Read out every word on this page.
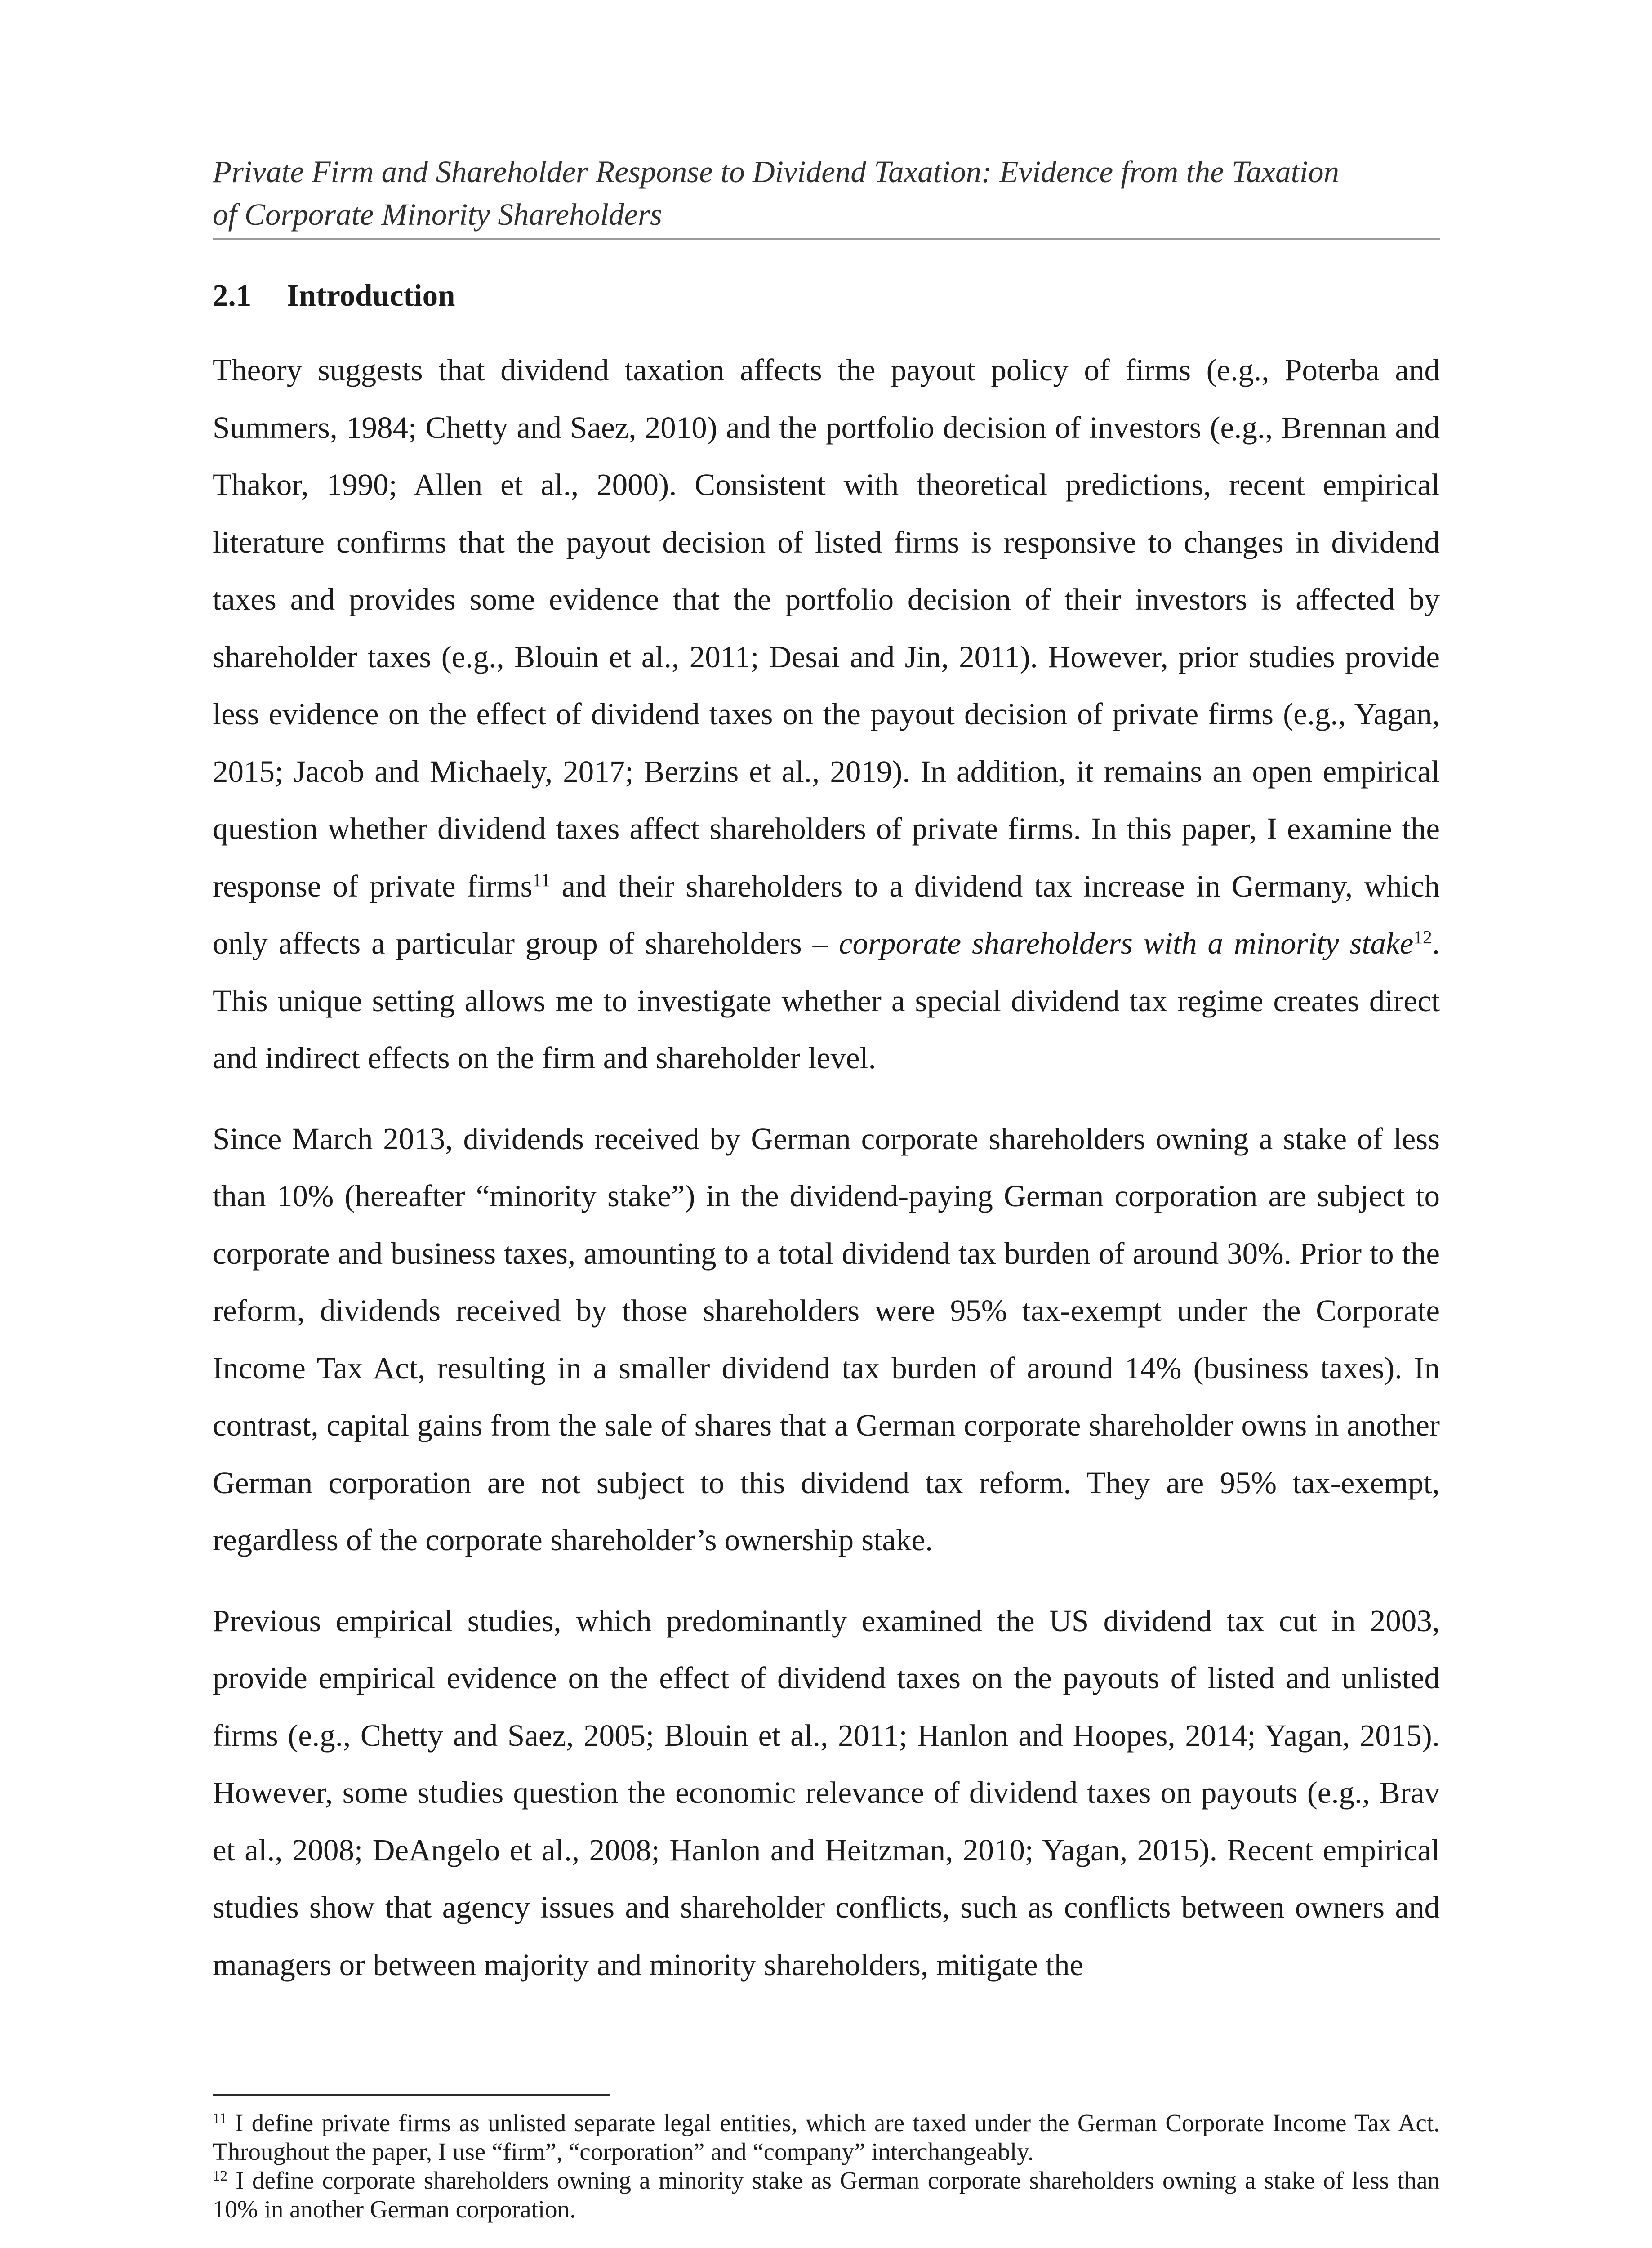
Private Firm and Shareholder Response to Dividend Taxation: Evidence from the Taxation
of Corporate Minority Shareholders
2.1 Introduction

Theory suggests that dividend taxation affects the payout policy of firms (e.g., Poterba and Summers, 1984; Chetty and Saez, 2010) and the portfolio decision of investors (e.g., Brennan and Thakor, 1990; Allen et al., 2000). Consistent with theoretical predictions, recent empirical literature confirms that the payout decision of listed firms is responsive to changes in dividend taxes and provides some evidence that the portfolio decision of their investors is affected by shareholder taxes (e.g., Blouin et al., 2011; Desai and Jin, 2011). However, prior studies provide less evidence on the effect of dividend taxes on the payout decision of private firms (e.g., Yagan, 2015; Jacob and Michaely, 2017; Berzins et al., 2019). In addition, it remains an open empirical question whether dividend taxes affect shareholders of private firms. In this paper, I examine the response of private firms$^{11}$ and their shareholders to a dividend tax increase in Germany, which only affects a particular group of shareholders – corporate shareholders with a minority stake$^{12}$. This unique setting allows me to investigate whether a special dividend tax regime creates direct and indirect effects on the firm and shareholder level.

Since March 2013, dividends received by German corporate shareholders owning a stake of less than 10% (hereafter “minority stake”) in the dividend-paying German corporation are subject to corporate and business taxes, amounting to a total dividend tax burden of around 30%. Prior to the reform, dividends received by those shareholders were 95% tax-exempt under the Corporate Income Tax Act, resulting in a smaller dividend tax burden of around 14% (business taxes). In contrast, capital gains from the sale of shares that a German corporate shareholder owns in another German corporation are not subject to this dividend tax reform. They are 95% tax-exempt, regardless of the corporate shareholder’s ownership stake.

Previous empirical studies, which predominantly examined the US dividend tax cut in 2003, provide empirical evidence on the effect of dividend taxes on the payouts of listed and unlisted firms (e.g., Chetty and Saez, 2005; Blouin et al., 2011; Hanlon and Hoopes, 2014; Yagan, 2015). However, some studies question the economic relevance of dividend taxes on payouts (e.g., Brav et al., 2008; DeAngelo et al., 2008; Hanlon and Heitzman, 2010; Yagan, 2015). Recent empirical studies show that agency issues and shareholder conflicts, such as conflicts between owners and managers or between majority and minority shareholders, mitigate the

$^{11}$ I define private firms as unlisted separate legal entities, which are taxed under the German Corporate Income Tax Act. Throughout the paper, I use “firm”, “corporation” and “company” interchangeably.

$^{12}$ I define corporate shareholders owning a minority stake as German corporate shareholders owning a stake of less than 10% in another German corporation.
